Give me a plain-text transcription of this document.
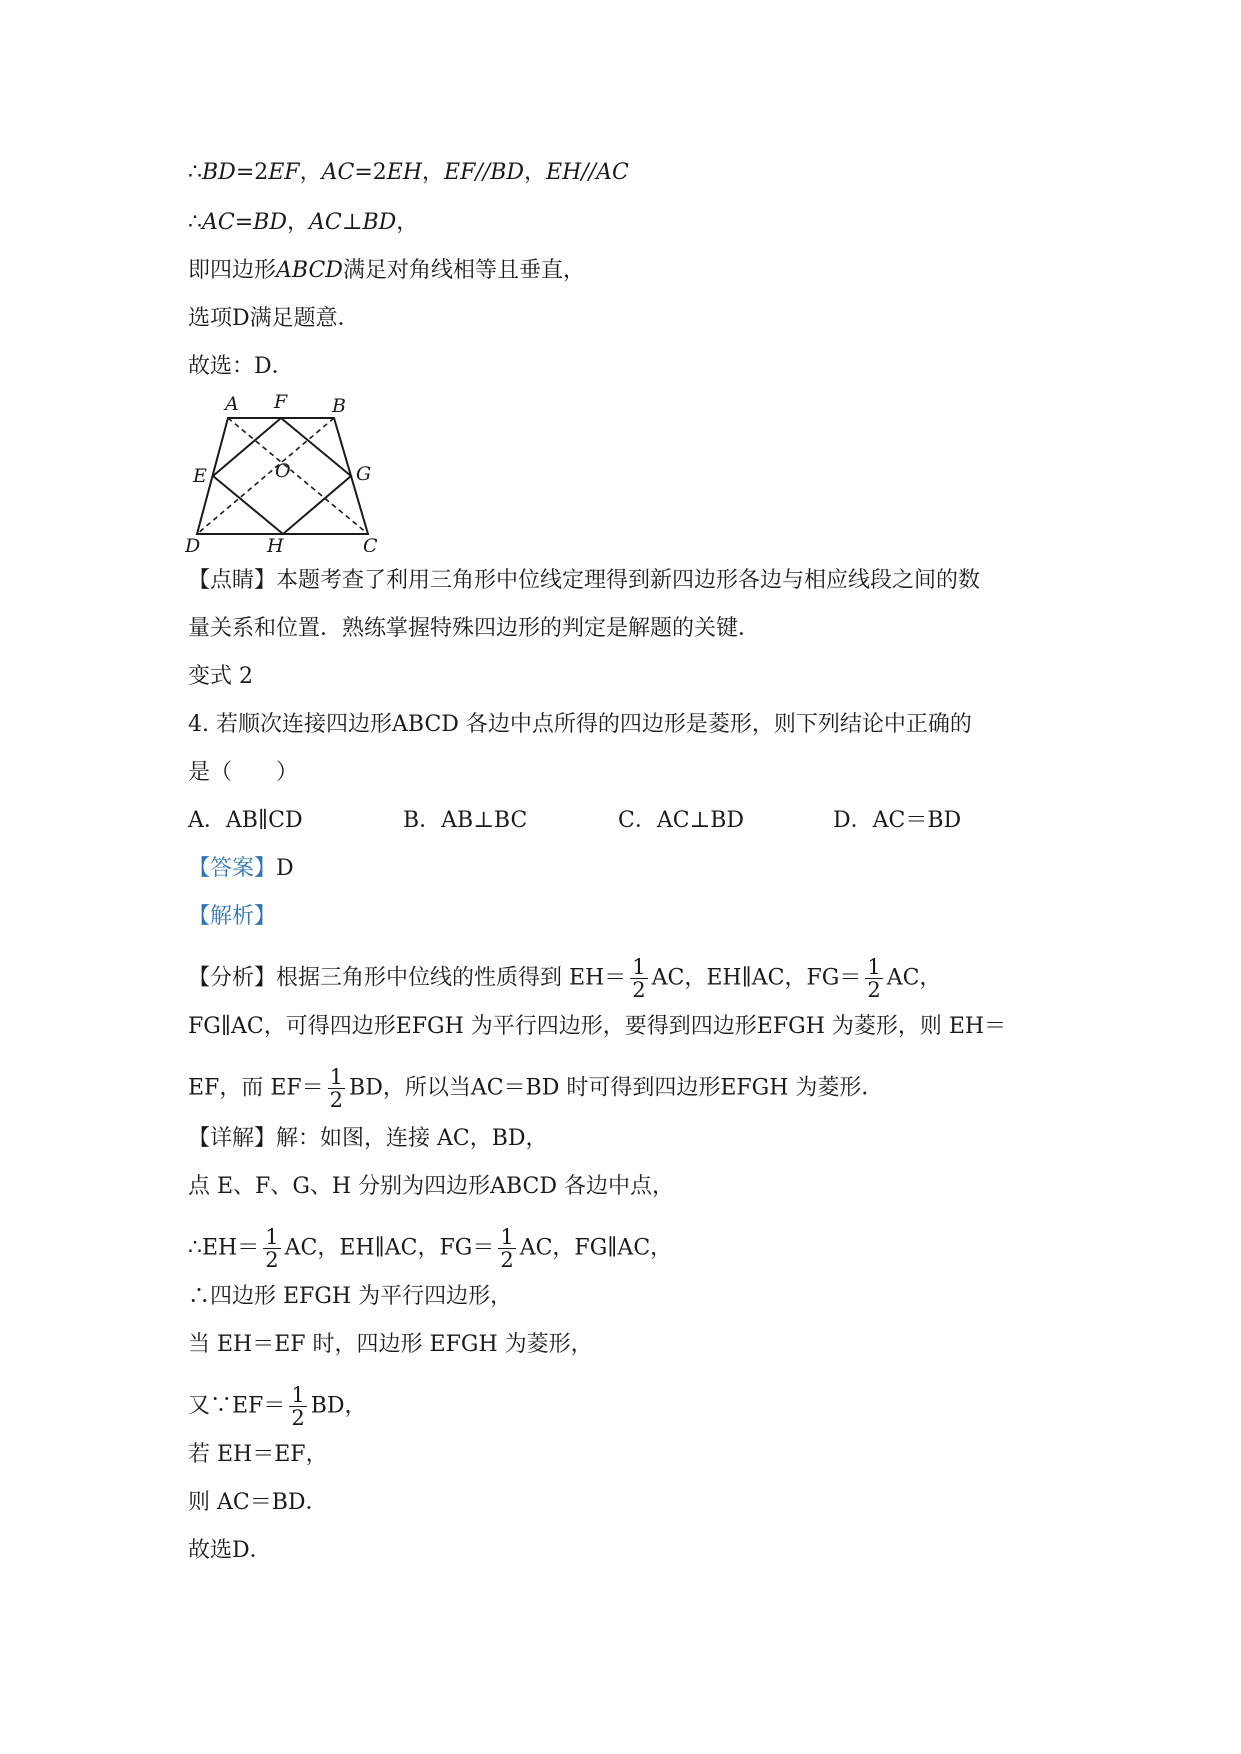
∴BD=2EF，AC=2EH，EF//BD，EH//AC
∴AC=BD，AC⊥BD，
即四边形ABCD满足对角线相等且垂直，
选项D满足题意．
故选：D．
A F B
E	O	G
D	H	C
【点睛】本题考查了利用三角形中位线定理得到新四边形各边与相应线段之间的数
量关系和位置．熟练掌握特殊四边形的判定是解题的关键．
变式 2
4. 若顺次连接四边形ABCD 各边中点所得的四边形是菱形，则下列结论中正确的
是（　　）
A．AB∥CD	B．AB⊥BC	C．AC⊥BD	D．AC＝BD
【答案】D
【解析】
【分析】根据三角形中位线的性质得到 $EH= \frac{1}{2}$ AC，EH∥AC，$FG= \frac{1}{2}$ AC，
FG∥AC，可得四边形EFGH 为平行四边形，要得到四边形EFGH 为菱形，则 EH＝
EF，而 $EF= \frac{1}{2}$ BD，所以当AC＝BD 时可得到四边形EFGH 为菱形．
【详解】解：如图，连接 AC，BD，
点 E、F、G、H 分别为四边形ABCD 各边中点，
∴EH＝ $\frac{1}{2}$ AC，EH∥AC，$FG= \frac{1}{2}$ AC，FG∥AC，
∴四边形 EFGH 为平行四边形，
当 EH＝EF 时，四边形 EFGH 为菱形，
又∵EF＝ $\frac{1}{2}$ BD，
若 EH＝EF，
则 AC＝BD．
故选D．
